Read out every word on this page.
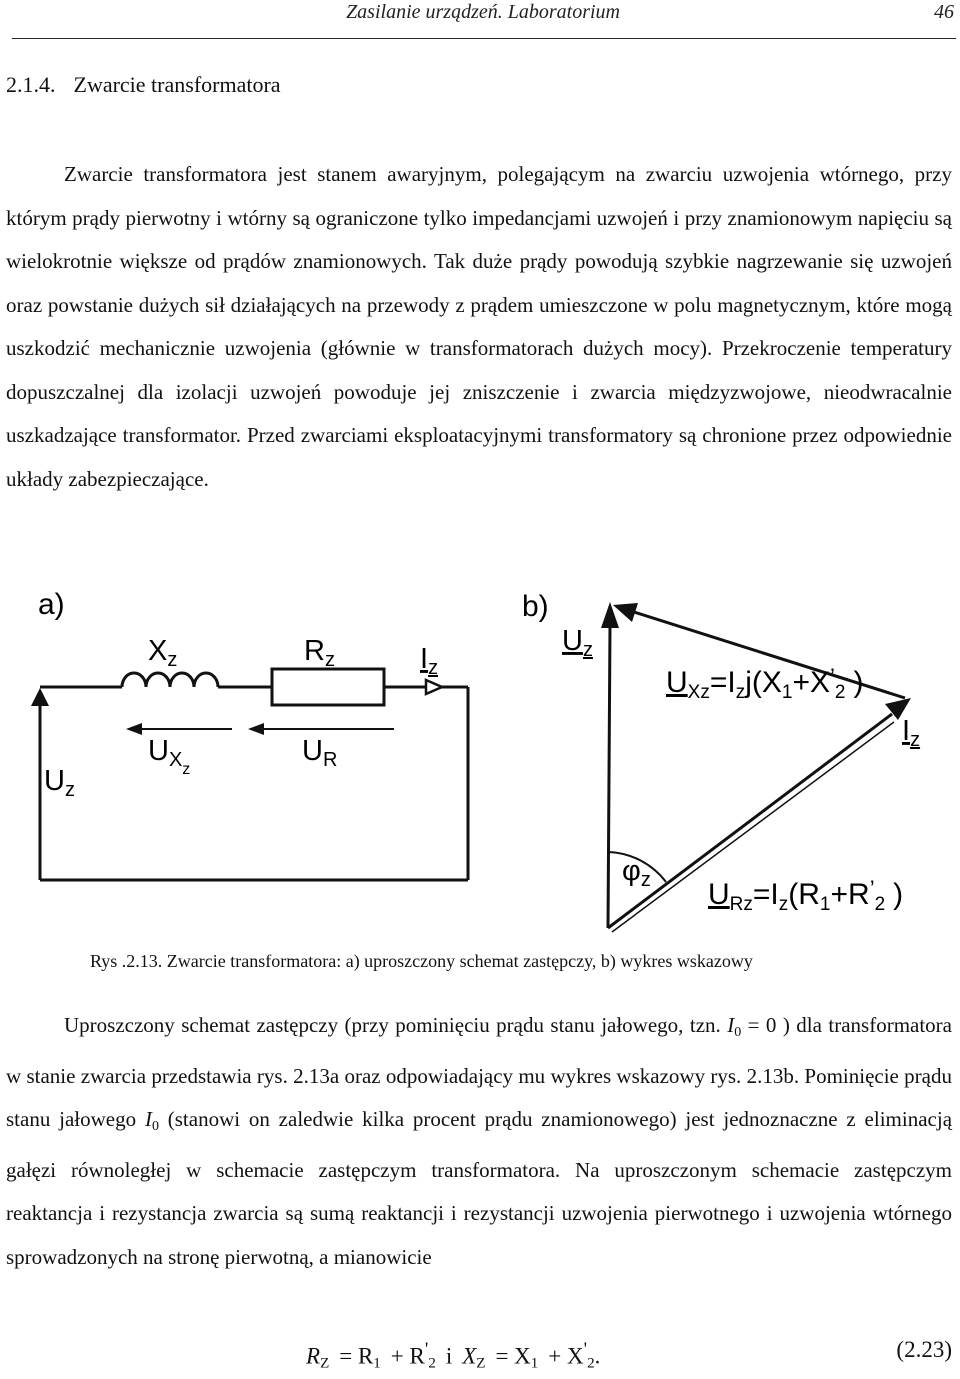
Zasilanie urządzeń. Laboratorium	46
2.1.4. Zwarcie transformatora

Zwarcie transformatora jest stanem awaryjnym, polegającym na zwarciu uzwojenia wtórnego, przy którym prądy pierwotny i wtórny są ograniczone tylko impedancjami uzwojeń i przy znamionowym napięciu są wielokrotnie większe od prądów znamionowych. Tak duże prądy powodują szybkie nagrzewanie się uzwojeń oraz powstanie dużych sił działających na przewody z prądem umieszczone w polu magnetycznym, które mogą uszkodzić mechanicznie uzwojenia (głównie w transformatorach dużych mocy). Przekroczenie temperatury dopuszczalnej dla izolacji uzwojeń powoduje jej zniszczenie i zwarcia międzyzwojowe, nieodwracalnie uszkadzające transformator. Przed zwarciami eksploatacyjnymi transformatory są chronione przez odpowiednie układy zabezpieczające.

a)
$X_z$	$R_z$	$I_z$
$U_{Xz}$
$U_R$
$U_z$
b)
$U_z$
$U_{Xz}=I_zj(X_1+X^’_2$ )
$I_z$
$\varphi_z$ $U_{Rz}=I_z(R_1+R^’_2$ )
Rys .2.13. Zwarcie transformatora: a) uproszczony schemat zastępczy, b) wykres wskazowy

Uproszczony schemat zastępczy (przy pominięciu prądu stanu jałowego, tzn. $I_0 = 0$ ) dla transformatora w stanie zwarcia przedstawia rys. 2.13a oraz odpowiadający mu wykres wskazowy rys. 2.13b. Pominięcie prądu stanu jałowego $I_0$ (stanowi on zaledwie kilka procent prądu znamionowego) jest jednoznaczne z eliminacją gałęzi równoległej w schemacie zastępczym transformatora. Na uproszczonym schemacie zastępczym reaktancja i rezystancja zwarcia są sumą reaktancji i rezystancji uzwojenia pierwotnego i uzwojenia wtórnego sprowadzonych na stronę pierwotną, a mianowicie

$R_Z = R_1 + R'_2$ i $X_Z = X_1 + X'_2$.	(2.23)
